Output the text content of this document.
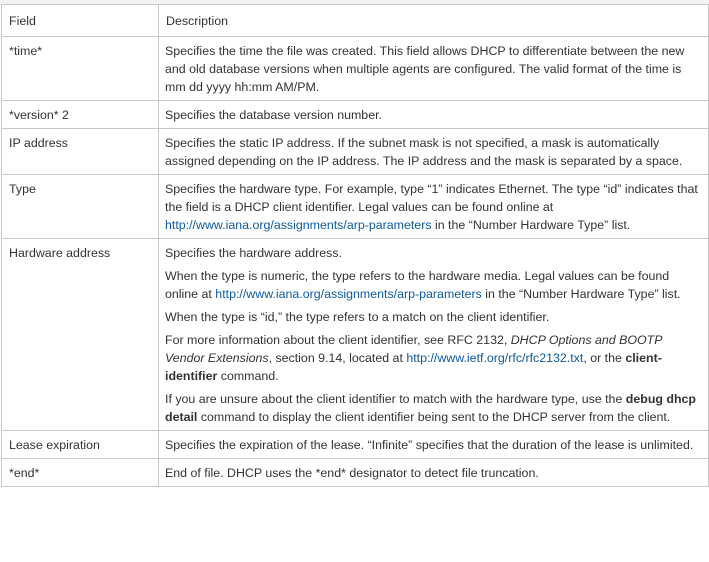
Field	Description
*time*	Specifies the time the file was created. This field allows DHCP to differentiate between the new and old database versions when multiple agents are configured. The valid format of the time is mm dd yyyy hh:mm AM/PM.
*version* 2	Specifies the database version number.
IP address	Specifies the static IP address. If the subnet mask is not specified, a mask is automatically assigned depending on the IP address. The IP address and the mask is separated by a space.
Type	Specifies the hardware type. For example, type “1” indicates Ethernet. The type “id” indicates that the field is a DHCP client identifier. Legal values can be found online at http://www.iana.org/assignments/arp-parameters in the “Number Hardware Type” list.
Hardware address	Specifies the hardware address.

When the type is numeric, the type refers to the hardware media. Legal values can be found online at http://www.iana.org/assignments/arp-parameters in the “Number Hardware Type” list.

When the type is “id,” the type refers to a match on the client identifier.

For more information about the client identifier, see RFC 2132, DHCP Options and BOOTP Vendor Extensions, section 9.14, located at http://www.ietf.org/rfc/rfc2132.txt, or the client-identifier command.

If you are unsure about the client identifier to match with the hardware type, use the debug dhcp detail command to display the client identifier being sent to the DHCP server from the client.

Lease expiration	Specifies the expiration of the lease. “Infinite” specifies that the duration of the lease is unlimited.
*end*	End of file. DHCP uses the *end* designator to detect file truncation.
